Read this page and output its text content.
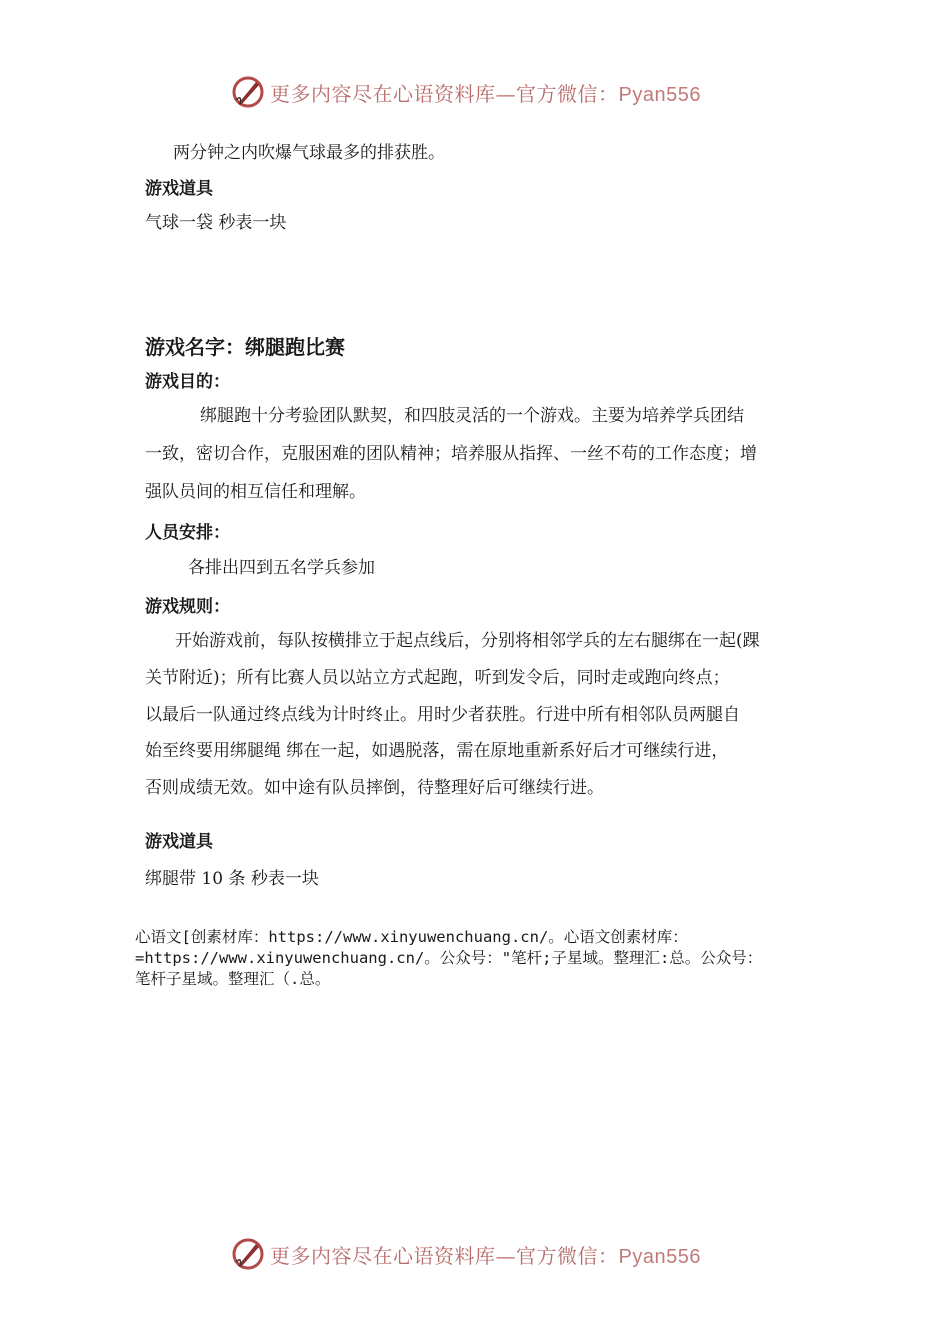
更多内容尽在心语资料库—官方微信：Pyan556
两分钟之内吹爆气球最多的排获胜。
游戏道具
气球一袋 秒表一块
游戏名字：绑腿跑比赛
游戏目的：
绑腿跑十分考验团队默契，和四肢灵活的一个游戏。主要为培养学兵团结
一致，密切合作，克服困难的团队精神；培养服从指挥、一丝不苟的工作态度；增
强队员间的相互信任和理解。
人员安排：
各排出四到五名学兵参加
游戏规则：
开始游戏前，每队按横排立于起点线后，分别将相邻学兵的左右腿绑在一起(踝
关节附近)；所有比赛人员以站立方式起跑，听到发令后，同时走或跑向终点；
以最后一队通过终点线为计时终止。用时少者获胜。行进中所有相邻队员两腿自
始至终要用绑腿绳 绑在一起，如遇脱落，需在原地重新系好后才可继续行进，
否则成绩无效。如中途有队员摔倒，待整理好后可继续行进。
游戏道具
绑腿带 10 条 秒表一块
心语文[创素材库：https://www.xinyuwenchuang.cn/。心语文创素材库：
=https://www.xinyuwenchuang.cn/。公众号："笔杆;子星域。整理汇:总。公众号：
笔杆子星域。整理汇（.总。
更多内容尽在心语资料库—官方微信：Pyan556
